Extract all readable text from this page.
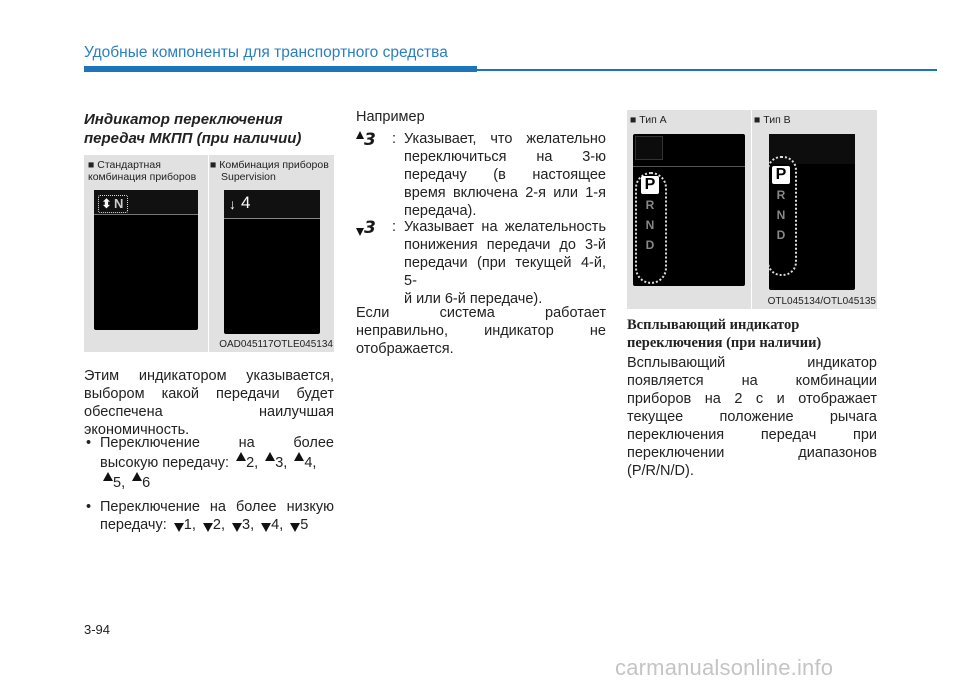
Удобные компоненты для транспортного средства
Индикатор переключения
передач МКПП (при наличии)
■ Стандартная
комбинация приборов
■ Комбинация приборов
Supervision
⬍ N	↓ 4
OAD045117OTLE045134
Этим индикатором указывается,
выбором какой передачи будет
обеспечена наилучшая
экономичность.
• Переключение на более
высокую передачу: 2, 3, 4,
5, 6
• Переключение на более низкую
передачу: 1, 2, 3, 4, 5
Например
3	: Указывает, что желательно
переключиться на 3-ю
передачу (в настоящее
время включена 2-я или 1-я
передача).
3	: Указывает на желательность
понижения передачи до 3-й
передачи (при текущей 4-й, 5-
й или 6-й передаче).
Если система работает
неправильно, индикатор не
отображается.
■ Тип A	■ Тип B
P
R
N
D
P
R
N
D
OTL045134/OTL045135
Всплывающий индикатор
переключения (при наличии)
Всплывающий индикатор
появляется на комбинации
приборов на 2 с и отображает
текущее положение рычага
переключения передач при
переключении диапазонов
(P/R/N/D).
3-94
carmanualsonline.info
